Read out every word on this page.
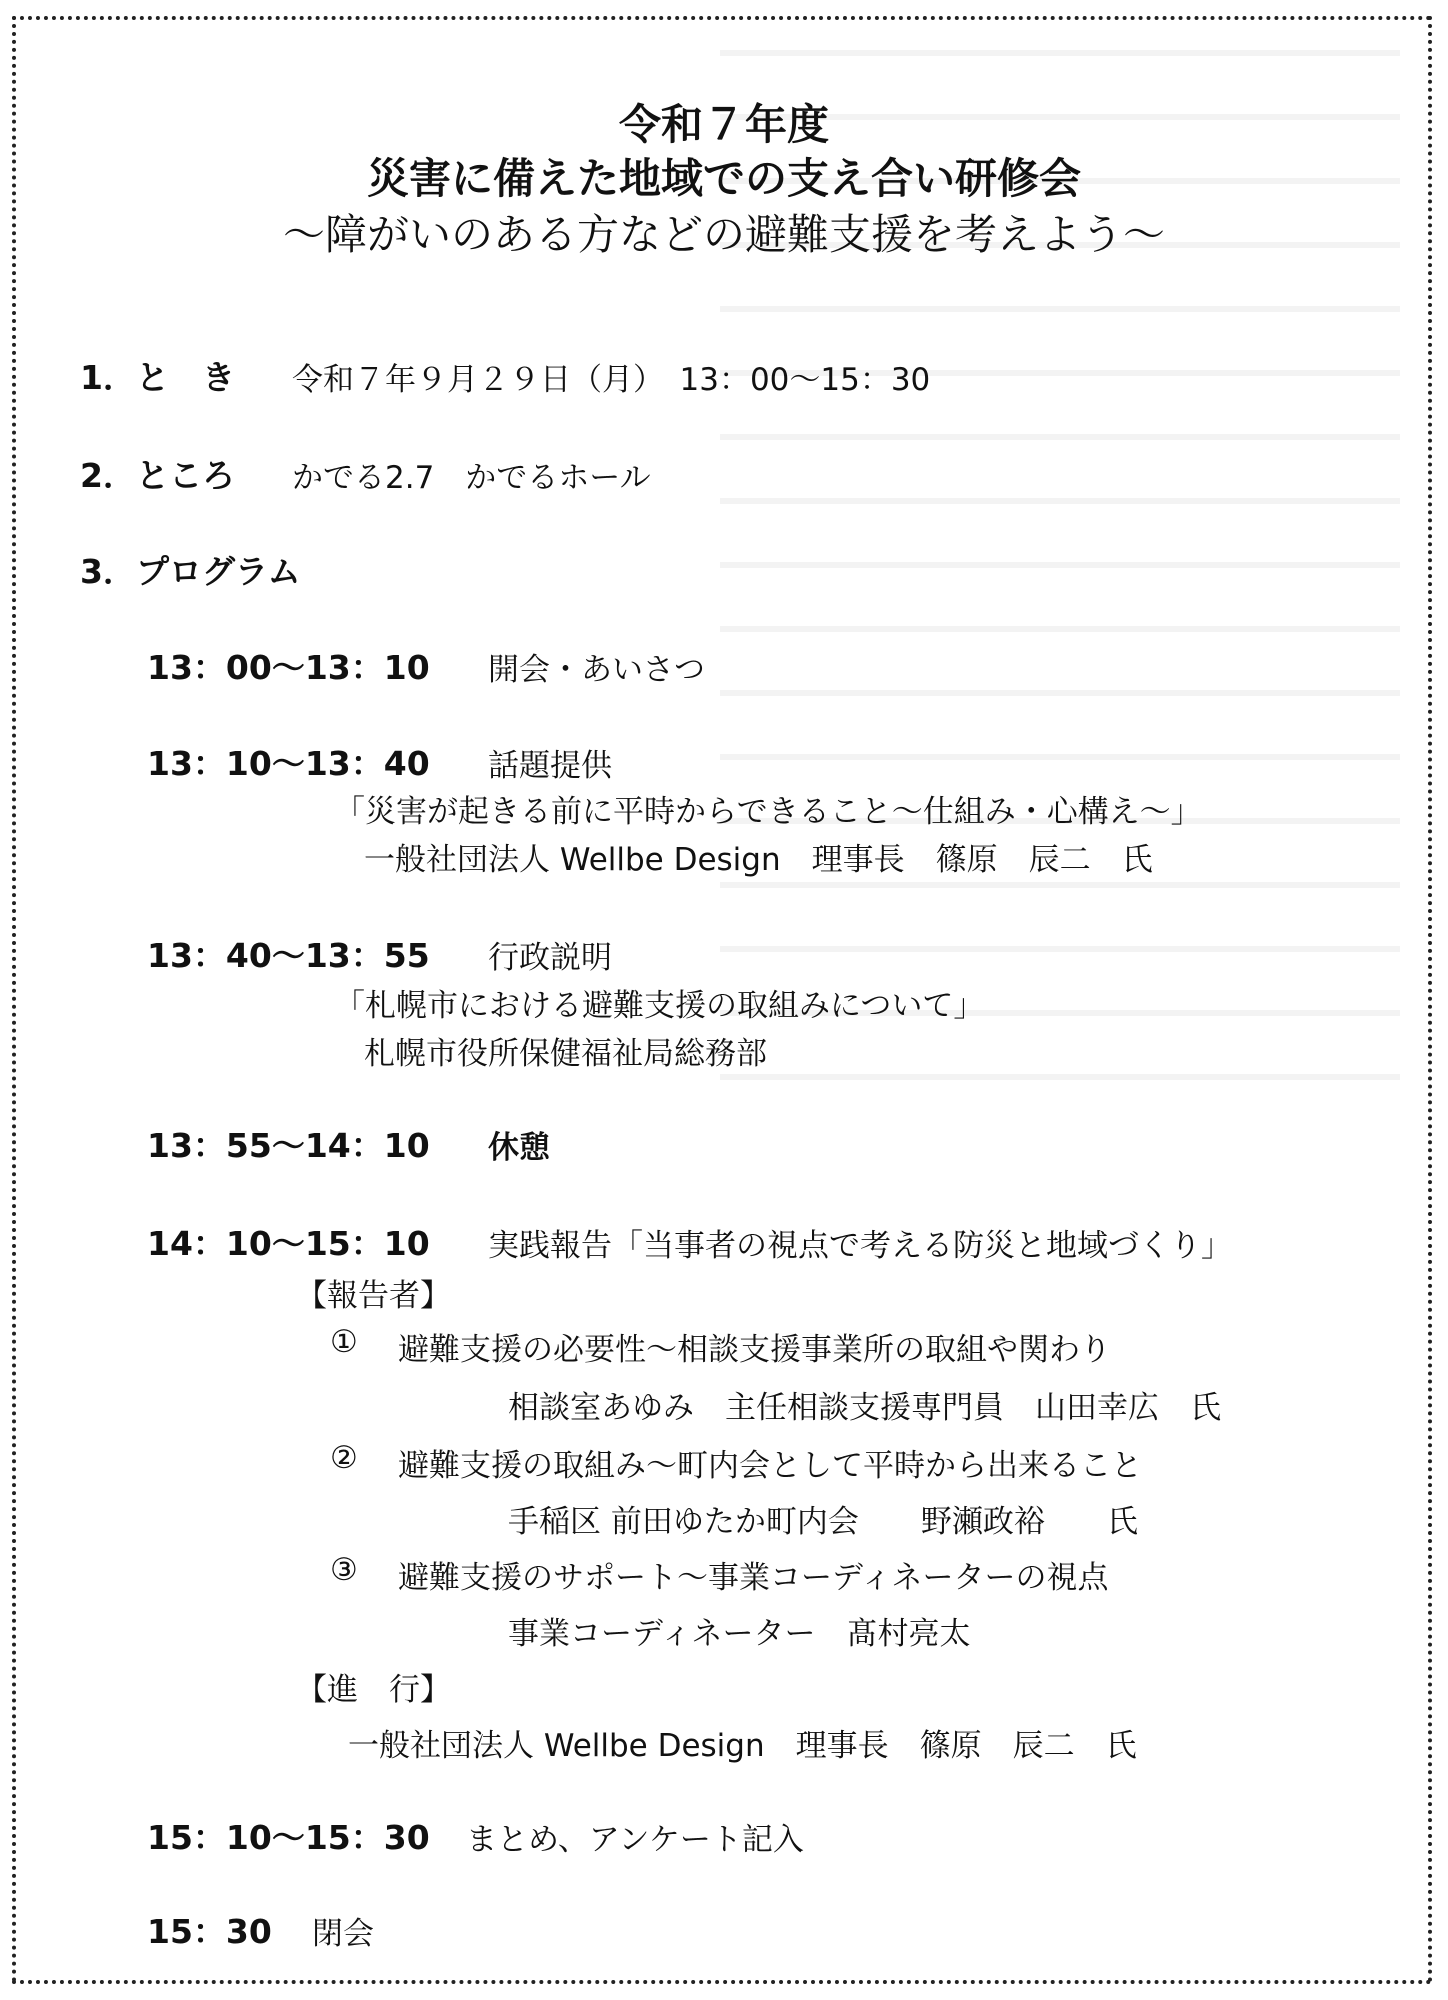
令和７年度
災害に備えた地域での支え合い研修会
～障がいのある方などの避難支援を考えよう～
1．と　き 令和７年９月２９日（月）　13：00～15：30
2．ところ かでる2.7　かでるホール
3．プログラム
13：00～13：10 開会・あいさつ
13：10～13：40 話題提供
「災害が起きる前に平時からできること～仕組み・心構え～」
一般社団法人 Wellbe Design　理事長　篠原　辰二　氏
13：40～13：55 行政説明
「札幌市における避難支援の取組みについて」
札幌市役所保健福祉局総務部
13：55～14：10 休憩
14：10～15：10 実践報告「当事者の視点で考える防災と地域づくり」
【報告者】
① 避難支援の必要性～相談支援事業所の取組や関わり
相談室あゆみ　主任相談支援専門員　山田幸広　氏
② 避難支援の取組み～町内会として平時から出来ること
手稲区 前田ゆたか町内会　　野瀬政裕　　氏
③ 避難支援のサポート～事業コーディネーターの視点
事業コーディネーター　髙村亮太
【進　行】
一般社団法人 Wellbe Design　理事長　篠原　辰二　氏
15：10～15：30 まとめ、アンケート記入
15：30 閉会
